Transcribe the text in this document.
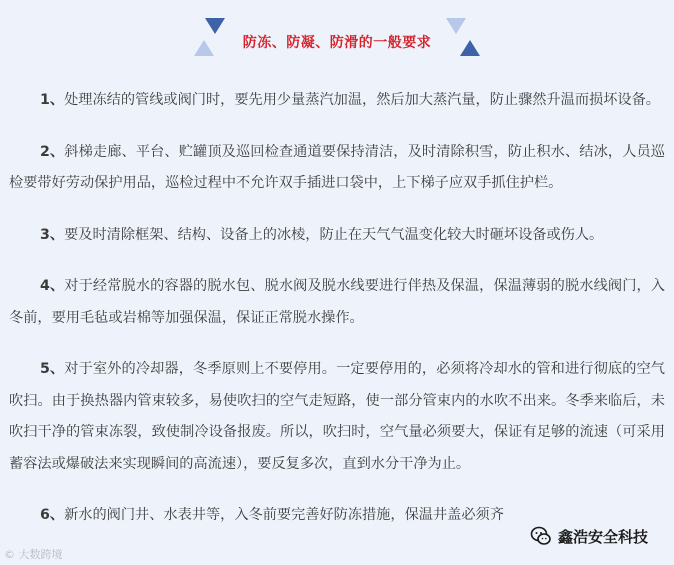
防冻、防凝、防滑的一般要求

1、处理冻结的管线或阀门时，要先用少量蒸汽加温，然后加大蒸汽量，防止骤然升温而损坏设备。

2、斜梯走廊、平台、贮罐顶及巡回检查通道要保持清洁，及时清除积雪，防止积水、结冰，人员巡检要带好劳动保护用品，巡检过程中不允许双手插进口袋中，上下梯子应双手抓住护栏。

3、要及时清除框架、结构、设备上的冰棱，防止在天气气温变化较大时砸坏设备或伤人。

4、对于经常脱水的容器的脱水包、脱水阀及脱水线要进行伴热及保温，保温薄弱的脱水线阀门，入冬前，要用毛毡或岩棉等加强保温，保证正常脱水操作。

5、对于室外的冷却器，冬季原则上不要停用。一定要停用的，必须将冷却水的管和进行彻底的空气吹扫。由于换热器内管束较多，易使吹扫的空气走短路，使一部分管束内的水吹不出来。冬季来临后，未吹扫干净的管束冻裂，致使制冷设备报废。所以，吹扫时，空气量必须要大，保证有足够的流速（可采用蓄容法或爆破法来实现瞬间的高流速），要反复多次，直到水分干净为止。

6、新水的阀门井、水表井等，入冬前要完善好防冻措施，保温井盖必须齐

© 大数跨境
鑫浩安全科技
